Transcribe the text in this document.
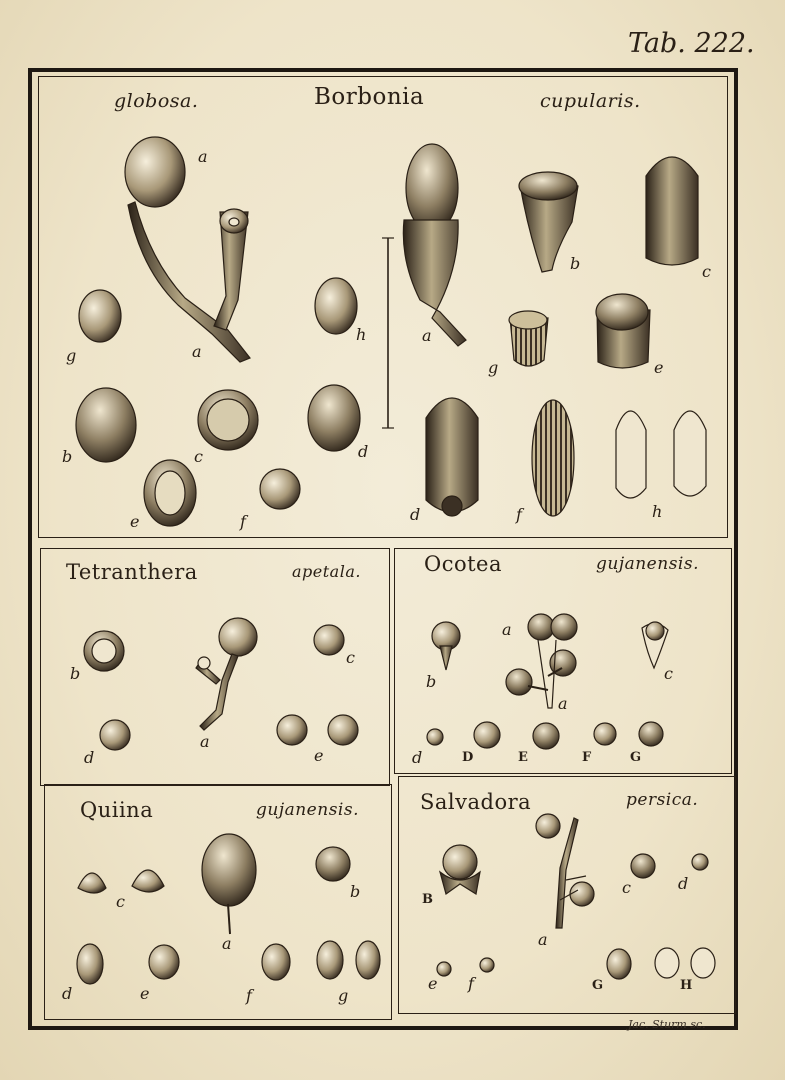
Tab. 222.
globosa.	Borbonia	cupularis.
Tetranthera	apetala.	Ocotea	gujanensis.
Quiina	gujanensis.	Salvadora	persica.
a
a
g
h
b	c	d
e	f
a
b	c
g	e
d	f	h
b
c
a
d	e
a
b	c
a
d	D	E	F	G
c
b
a
d	e	f	g
B
c	d
a
e f	G	H
Jac. Sturm sc.
